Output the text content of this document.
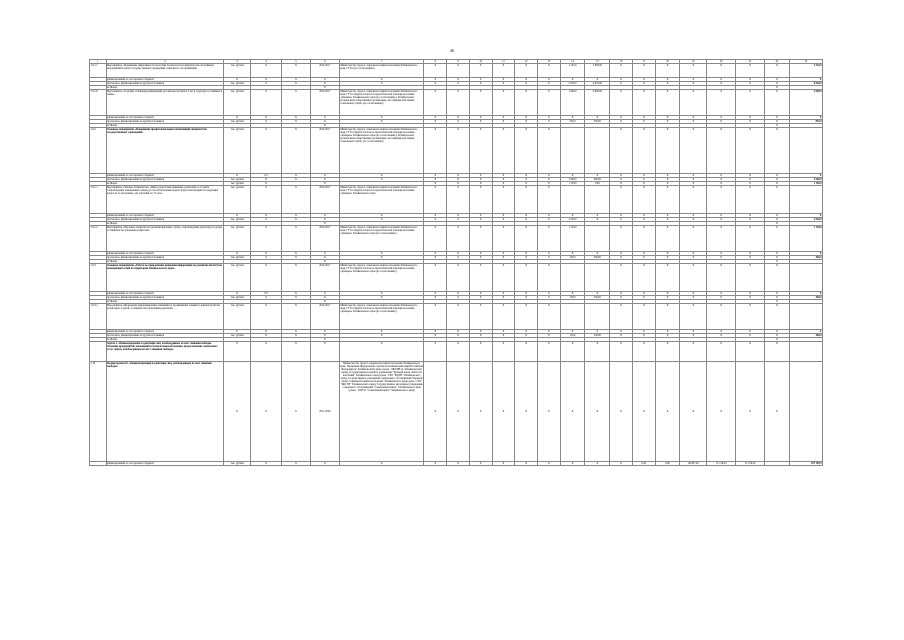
46
1	2	3	4	5	6	7	8	9	10	11	12	13	14	15	16	17	18	19	20	21	22	23
1.9.1.7	Мероприятие «Повышение эффективности программ безопасности и физкультурно-спортивных мероприятий в работе государственных учреждений социального обслуживания»	тыс. рублей	X	X	2016-2017	Министерство труда и социальной защиты населения Забайкальского края, ГУСО (по согласованию)	X	X	X	X	X	X	1 125,0	3 800,00	X	X	X	X	X	X	X	3 225,0
	финансирование за счет краевого бюджета	X	X	X	X	X	X	X	X	X	X	X	X	X	X	X	X	X	X	X	X	X
	прогнозное, финансирование из других источников	тыс. рублей	X	X	X	X	X	X	X	X	X	X	2 050,0	4 670,00	X	X	X	X	X	X	X	6 650,0
	из Фонда				X																X	
1.9.1.8	Мероприятие «Создание стационарозамещающих детских мастерских и 3 лет в структуре и семейных в связи»	тыс. рублей	X	X	2016-2017	Министерство труда и социальной защиты населения Забайкальского края, ГУСО «Центр психолого-педагогической помощи населению «Доверие» Забайкальского края (по согласованию), Забайкальская региональная общественная организация «Ассоциация работников социальных служб» (по согласованию)	X	X	X	X	X	X	1 600,0	3 900,00	X	X	X	X	X	X	X	3 000,0
	финансирование за счет краевого бюджета	X	X	X	X	X	X	X	X	X	X	X	X	X	X	X	X	X	X	X	X	X
	прогнозное, финансирование из других источников	тыс. рублей	X	X	X	X	X	X	X	X	X	X	505,0	350,00	X	X	X	X	X	X	X	855,0
	из Фонда				X																X	
1.9.2	Основное мероприятие «Повышение профессиональных компетенций специалистов государственных учреждений»	тыс. рублей	X	X	2016-2017	Министерство труда и социальной защиты населения Забайкальского края, ГУСО «Центр психолого-педагогической помощи населению «Доверие» Забайкальского края (по согласованию), Забайкальская региональная общественная организация «Ассоциация работников социальных служб» (по согласованию)	X	X	X	X	X	X			X	X	X	X	X	X	X	
	финансирование за счет краевого бюджета	X	0,3	X	X	X	X	X	X	X	X	X	X	X	X	X	X	X	X	X	X	X
	прогнозное, финансирование из других источников	тыс. рублей	X	X	X	X	X	X	X	X	X	X	2 000,0	600,00	X	X	X	X	X	X	X	2 600,0
	из Фонда	тыс. рублей	X		X		X	X	X	X	X	X	1 150,0	0,00	X	X	X	X	X	X	X	1 150,0
1.9.2.1	Мероприятие «Лучшие специалисты» «Школа подготовки приемных родителей» в «Служба сопровождения замещающих семей» (в том «Обеспечение кадров труда и интеграции последующих вопросах по программе, для обучений по 72 часа»	тыс. рублей	X	X	2016-2017	Министерство труда и социальной защиты населения Забайкальского края, ГУСО «Центр психолого-педагогической помощи населению «Доверие» Забайкальского края	X	X	X	X	X	X			X	X	X	X	X	X	X	
	финансирование за счет краевого бюджета	X	X	X	X	X	X	X	X	X	X	X	X	X	X	X	X	X	X	X	X	X
	прогнозное, финансирование из других источников	тыс. рублей	X	X	X	X	X	X	X	X	X	X	2 500,0	X	X	X	X	X	X	X	X	2 650,0
	из Фонда				X																X	
1.9.2.2	Мероприятие «Обучение специалистов реабилитационных служб» сопровождения детей-сирот и детей, оставшихся без попечения родителей»	тыс. рублей	X	X	2016-2017	Министерство труда и социальной защиты населения Забайкальского края, ГУСО «Центр психолого-педагогической помощи населению «Доверие» Забайкальского края (по согласованию)	X	X	X	X	X	X	1 150,0		X	X	X	X	X	X	X	1 150,0
	финансирование за счет краевого бюджета	X	X	X	X	X	X	X	X	X	X	X	X	X	X	X	X	X	X	X	X	X
	прогнозное, финансирование из других источников	тыс. рублей	X	X	X	X	X	X	X	X	X	X	105,0	300,00	X	X	X	X	X	X	X	405,0
	из Фонда				X																X	
1.9.3	Основное мероприятие «Работа по привлечению внимания информации по развитию институтов замещающих семей на территории Забайкальского края»	тыс. рублей	X	X	2016-2017	Министерство труда и социальной защиты населения Забайкальского края, ГУСО «Центр психолого-педагогической помощи населению «Доверие» Забайкальского края (по согласованию)	X	X	X	X	X	X			X	X	X	X	X	X	X	
	финансирование за счет краевого бюджета	X	0,3	X	X	X	X	X	X	X	X	X	X	X	X	X	X	X	X	X	X	X
	прогнозное, финансирование из других источников	тыс. рублей	X	X	X	X	X	X	X	X	X	X	150,0	250,00	X	X	X	X	X	X	X	400,0
	из Фонда				X																X	
1.9.3.1	Мероприятие «Проведение информационных кампаний по продвижению семейного жизнеустройства детей-сирот и детей, оставшихся без попечения родителей»	тыс. рублей	X	X	2016-2017	Министерство труда и социальной защиты населения Забайкальского края, ГУСО «Центр психолого-педагогической помощи населению «Доверие» Забайкальского края (по согласованию)	X	X	X	X	X	X			X	X	X	X	X	X	X	
	финансирование за счет краевого бюджета	X	X	X	X	X	X	X	X	X	X	X	X	X	X	X	X	X	X	X	X	X
	прогнозное, финансирование из других источников	тыс. рублей	X	X	X	X	X	X	X	X	X	X	150,0	250,00	X	X	X	X	X	X	X	400,0
	из Фонда				X																X	
	Задача 4. «Реинвалидизация и адаптация лиц, освобожденных из мест лишения свободы. Оказание предприятий, повышений и психологической помощи, предоставление социальных услуг лицам, освобожденным из мест лишения свободы»	X	X	X	X	X	X	X	X	X	X	X	X	X	X	X	X	X	X	X	X	
1.10	Подпрограмма 10. «Реинвалидизация и адаптация лиц, освобожденных из мест лишения свободы»	X	X	X	2011-2020	Министерство труда и социальной защиты населения Забайкальского края, Управление Федеральной службы исполнения наказаний Российской Федерации по Забайкальскому краю (далее - УФСИН по Забайкальскому краю), Государственное казенное учреждение "Краевой центр занятости населения" Забайкальского края (далее - ГКУ "КЦЗН" Забайкальского края), Государственное учреждение социального обслуживания "Краевой центр социальной защиты населения" Забайкальского края (далее - ГКУ "КЦСЗН" Забайкальского края), Государственное автономное учреждение социального обслуживания "Социальный приют" Забайкальского края (далее - ГАУСО "Социальный приют" Забайкальского края)	X	X	X	X	X	X	X	X	X	X	X	X	X	X	X	
	финансирование за счет краевого бюджета	тыс. рублей	X	X	X	X	X	X	X	X	X	X	X	X	X	0,00	0,00	46 667,20	51 156,20	51 156,20		187 199,9
